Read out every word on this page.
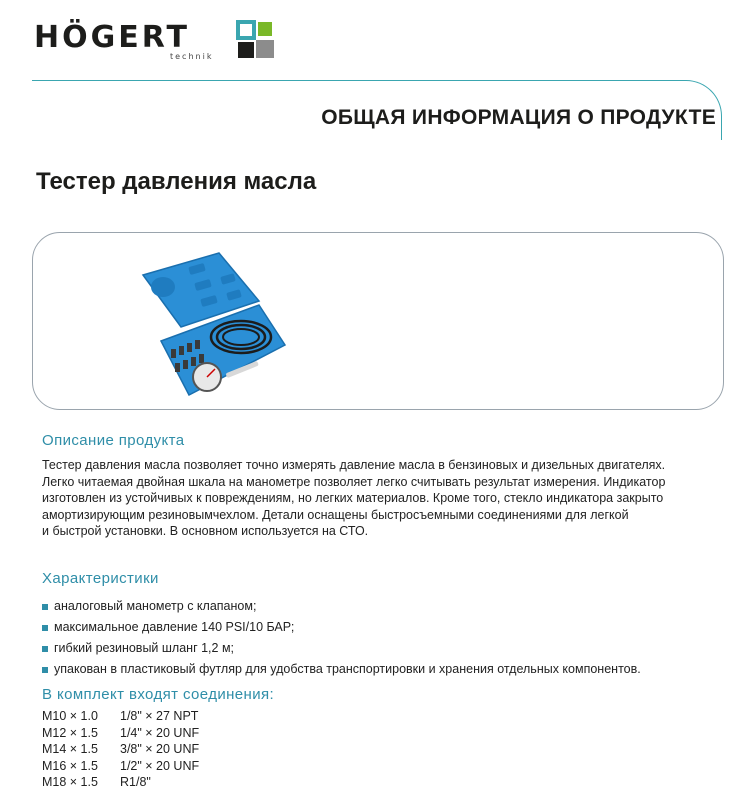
HÖGERT
technik
ОБЩАЯ ИНФОРМАЦИЯ О ПРОДУКТЕ
Тестер давления масла
Описание продукта

Тестер давления масла позволяет точно измерять давление масла в бензиновых и дизельных двигателях.

Легко читаемая двойная шкала на манометре позволяет легко считывать результат измерения. Индикатор

изготовлен из устойчивых к повреждениям, но легких материалов. Кроме того, стекло индикатора закрыто

амортизирующим резиновымчехлом. Детали оснащены быстросъемными соединениями для легкой

и быстрой установки. В основном используется на СТО.

Характеристики
аналоговый манометр с клапаном;
максимальное давление 140 PSI/10 БАР;
гибкий резиновый шланг 1,2 м;
упакован в пластиковый футляр для удобства транспортировки и хранения отдельных компонентов.
В комплект входят соединения:
M10 × 1.0	1/8" × 27 NPT
M12 × 1.5	1/4" × 20 UNF
M14 × 1.5	3/8" × 20 UNF
M16 × 1.5	1/2" × 20 UNF
M18 × 1.5	R1/8"
